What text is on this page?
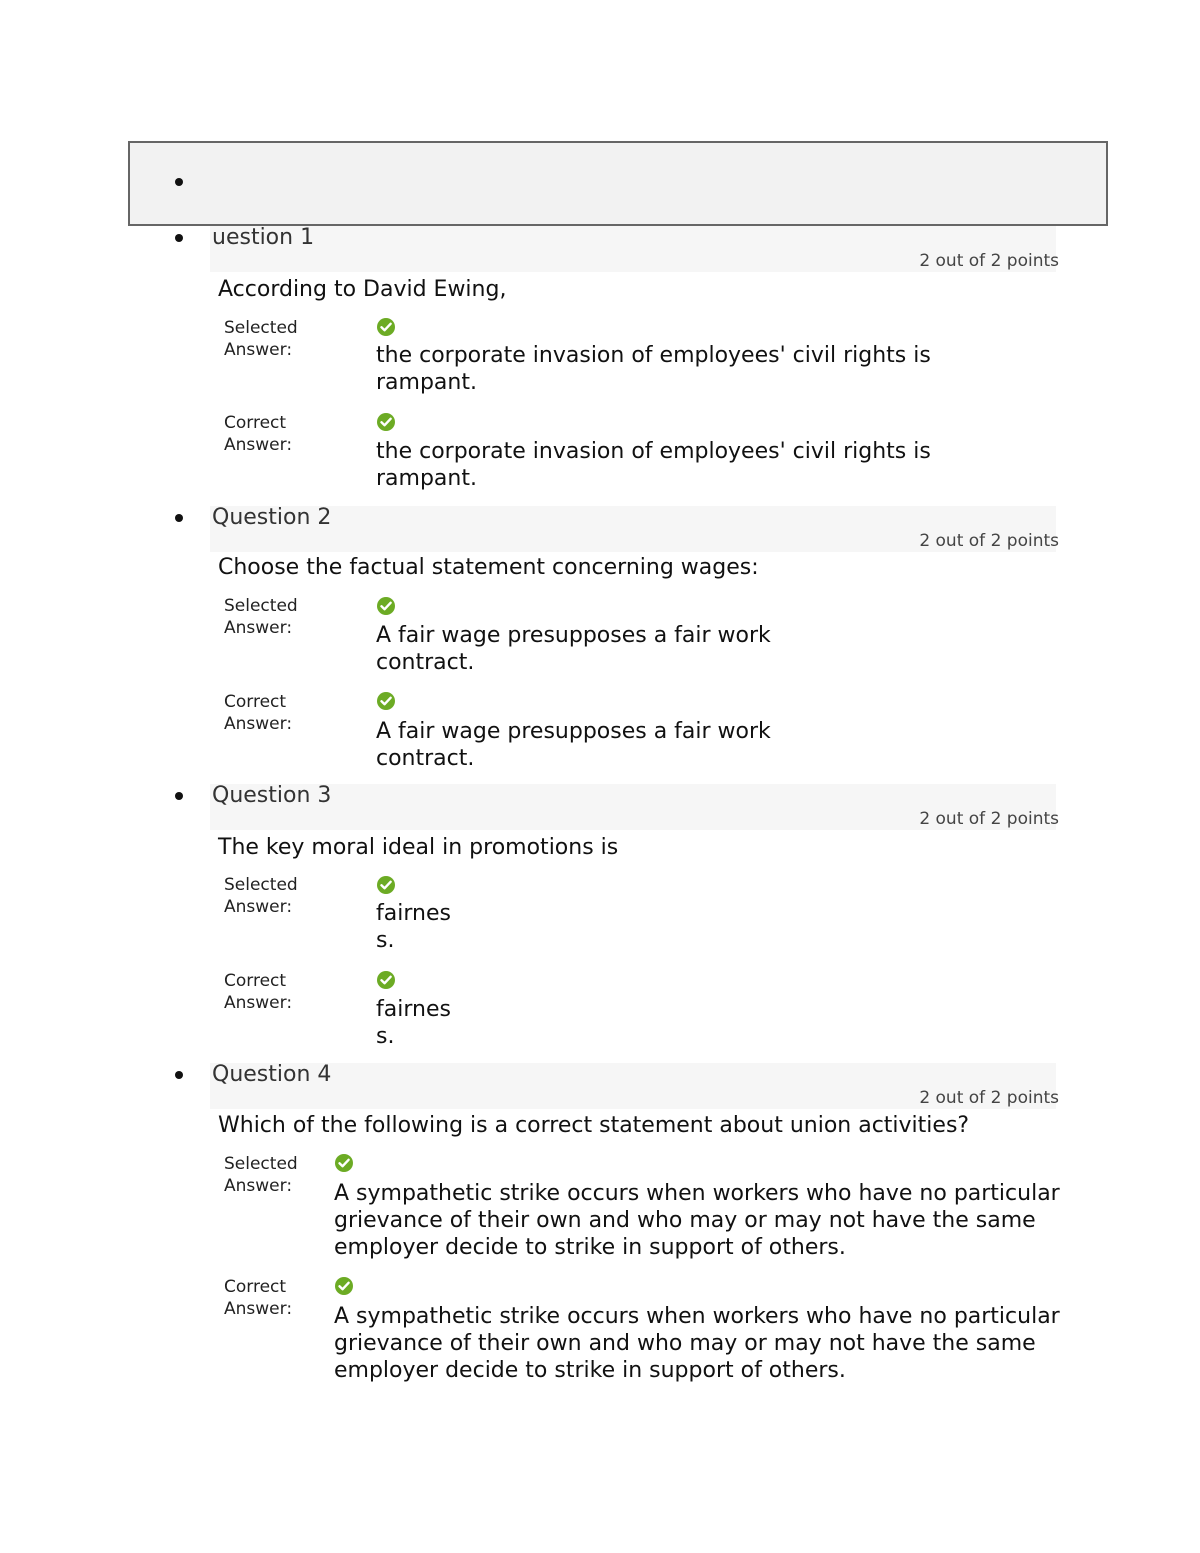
uestion 1
2 out of 2 points
According to David Ewing,
Selected Answer:	the corporate invasion of employees' civil rights is rampant.
Correct Answer:	the corporate invasion of employees' civil rights is rampant.
Question 2
2 out of 2 points
Choose the factual statement concerning wages:
Selected Answer:	A fair wage presupposes a fair work contract.
Correct Answer:	A fair wage presupposes a fair work contract.
Question 3
2 out of 2 points
The key moral ideal in promotions is
Selected Answer:	fairness.
Correct Answer:	fairness.
Question 4
2 out of 2 points
Which of the following is a correct statement about union activities?
Selected Answer:	A sympathetic strike occurs when workers who have no particular grievance of their own and who may or may not have the same employer decide to strike in support of others.
Correct Answer:	A sympathetic strike occurs when workers who have no particular grievance of their own and who may or may not have the same employer decide to strike in support of others.
